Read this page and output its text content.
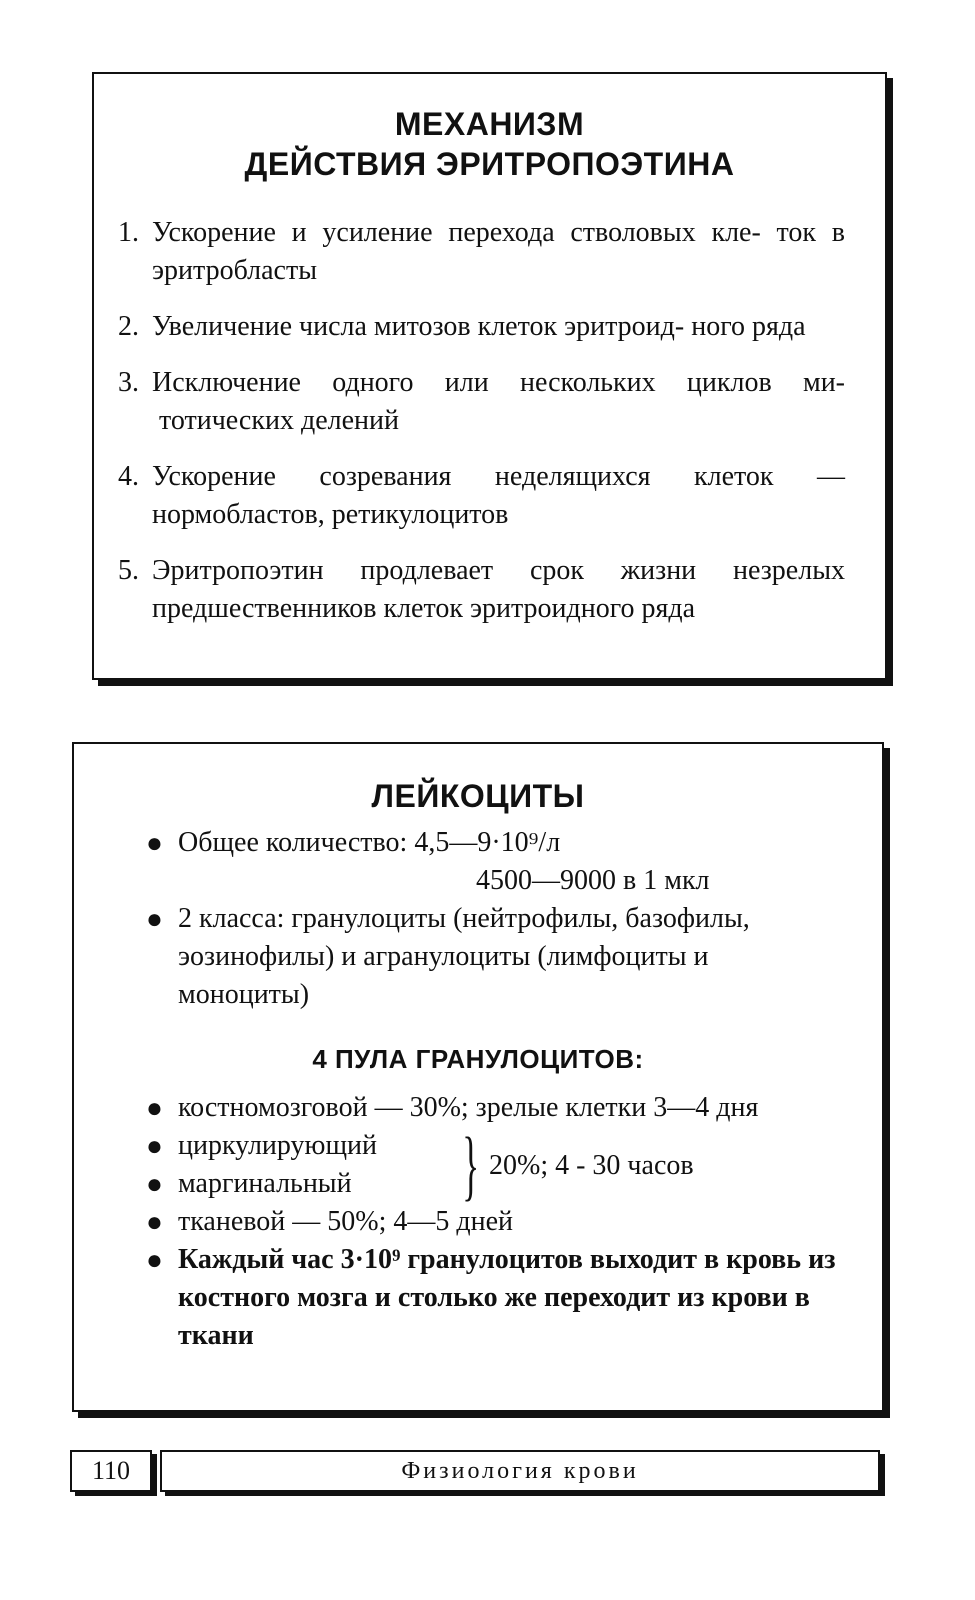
МЕХАНИЗМ
ДЕЙСТВИЯ ЭРИТРОПОЭТИНА
1. Ускорение и усиление перехода стволовых кле- ток в эритробласты
2. Увеличение числа митозов клеток эритроид- ного ряда
3. Исключение одного или нескольких циклов ми- тотических делений
4. Ускорение созревания неделящихся клеток — нормобластов, ретикулоцитов
5. Эритропоэтин продлевает срок жизни незрелых предшественников клеток эритроидного ряда
ЛЕЙКОЦИТЫ
● Общее количество: 4,5—9·10⁹/л
4500—9000 в 1 мкл
● 2 класса: гранулоциты (нейтрофилы, базофилы, эозинофилы) и агранулоциты (лимфоциты и моноциты)
4 ПУЛА ГРАНУЛОЦИТОВ:
● костномозговой — 30%; зрелые клетки 3—4 дня
● циркулирующий
● маргинальный	} 20%; 4 - 30 часов
● тканевой — 50%; 4—5 дней
● Каждый час 3·10⁹ гранулоцитов выходит в кровь из костного мозга и столько же переходит из крови в ткани
110	Физиология крови
